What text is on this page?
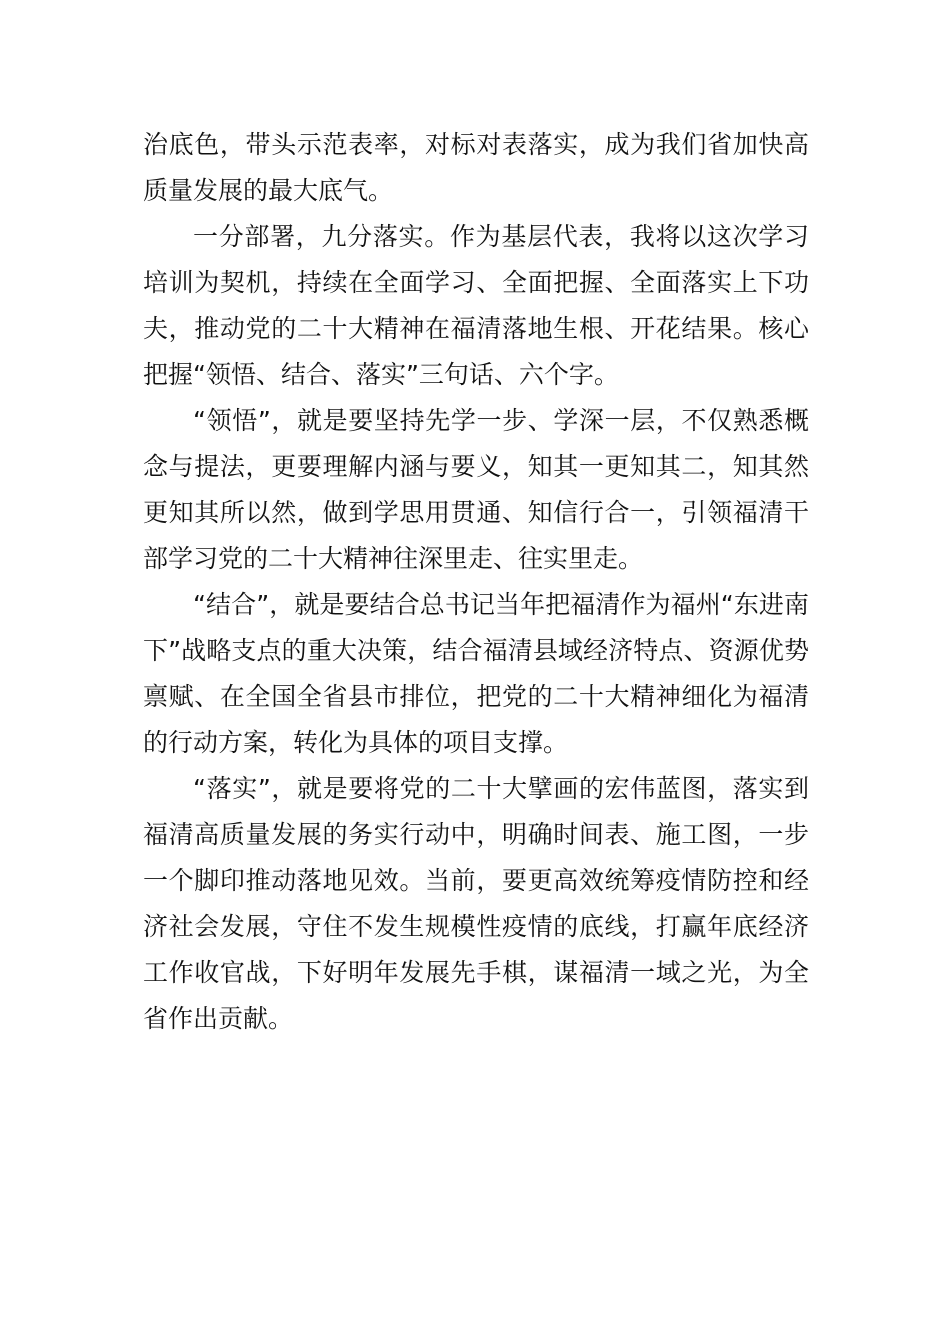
治底色，带头示范表率，对标对表落实，成为我们省加快高质量发展的最大底气。

一分部署，九分落实。作为基层代表，我将以这次学习培训为契机，持续在全面学习、全面把握、全面落实上下功夫，推动党的二十大精神在福清落地生根、开花结果。核心把握“领悟、结合、落实”三句话、六个字。

“领悟”，就是要坚持先学一步、学深一层，不仅熟悉概念与提法，更要理解内涵与要义，知其一更知其二，知其然更知其所以然，做到学思用贯通、知信行合一，引领福清干部学习党的二十大精神往深里走、往实里走。

“结合”，就是要结合总书记当年把福清作为福州“东进南下”战略支点的重大决策，结合福清县域经济特点、资源优势禀赋、在全国全省县市排位，把党的二十大精神细化为福清的行动方案，转化为具体的项目支撑。

“落实”，就是要将党的二十大擘画的宏伟蓝图，落实到福清高质量发展的务实行动中，明确时间表、施工图，一步一个脚印推动落地见效。当前，要更高效统筹疫情防控和经济社会发展，守住不发生规模性疫情的底线，打赢年底经济工作收官战，下好明年发展先手棋，谋福清一域之光，为全省作出贡献。
